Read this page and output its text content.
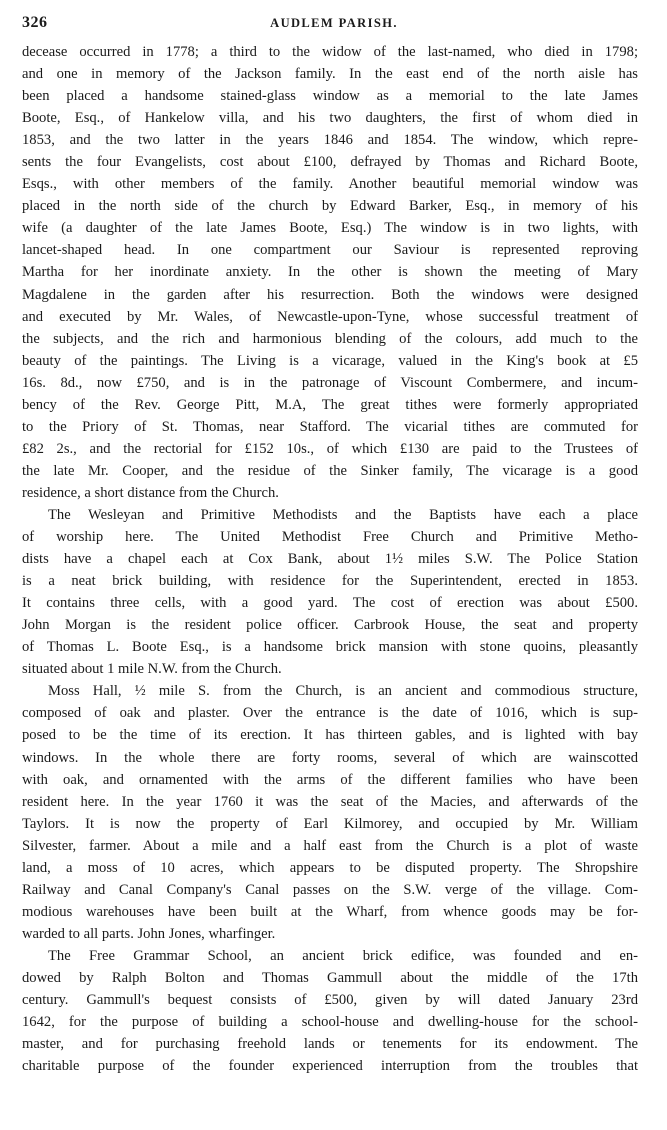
326	AUDLEM PARISH.
decease occurred in 1778; a third to the widow of the last-named, who died in 1798;
and one in memory of the Jackson family. In the east end of the north aisle has
been placed a handsome stained-glass window as a memorial to the late James
Boote, Esq., of Hankelow villa, and his two daughters, the first of whom died in
1853, and the two latter in the years 1846 and 1854. The window, which repre-
sents the four Evangelists, cost about £100, defrayed by Thomas and Richard Boote,
Esqs., with other members of the family. Another beautiful memorial window was
placed in the north side of the church by Edward Barker, Esq., in memory of his
wife (a daughter of the late James Boote, Esq.) The window is in two lights, with
lancet-shaped head. In one compartment our Saviour is represented reproving
Martha for her inordinate anxiety. In the other is shown the meeting of Mary
Magdalene in the garden after his resurrection. Both the windows were designed
and executed by Mr. Wales, of Newcastle-upon-Tyne, whose successful treatment of
the subjects, and the rich and harmonious blending of the colours, add much to the
beauty of the paintings. The Living is a vicarage, valued in the King's book at £5
16s. 8d., now £750, and is in the patronage of Viscount Combermere, and incum-
bency of the Rev. George Pitt, M.A, The great tithes were formerly appropriated
to the Priory of St. Thomas, near Stafford. The vicarial tithes are commuted for
£82 2s., and the rectorial for £152 10s., of which £130 are paid to the Trustees of
the late Mr. Cooper, and the residue of the Sinker family, The vicarage is a good
residence, a short distance from the Church.
The Wesleyan and Primitive Methodists and the Baptists have each a place
of worship here. The United Methodist Free Church and Primitive Metho-
dists have a chapel each at Cox Bank, about 1½ miles S.W. The Police Station
is a neat brick building, with residence for the Superintendent, erected in 1853.
It contains three cells, with a good yard. The cost of erection was about £500.
John Morgan is the resident police officer. Carbrook House, the seat and property
of Thomas L. Boote Esq., is a handsome brick mansion with stone quoins, pleasantly
situated about 1 mile N.W. from the Church.
Moss Hall, ½ mile S. from the Church, is an ancient and commodious structure,
composed of oak and plaster. Over the entrance is the date of 1016, which is sup-
posed to be the time of its erection. It has thirteen gables, and is lighted with bay
windows. In the whole there are forty rooms, several of which are wainscotted
with oak, and ornamented with the arms of the different families who have been
resident here. In the year 1760 it was the seat of the Macies, and afterwards of the
Taylors. It is now the property of Earl Kilmorey, and occupied by Mr. William
Silvester, farmer. About a mile and a half east from the Church is a plot of waste
land, a moss of 10 acres, which appears to be disputed property. The Shropshire
Railway and Canal Company's Canal passes on the S.W. verge of the village. Com-
modious warehouses have been built at the Wharf, from whence goods may be for-
warded to all parts. John Jones, wharfinger.
The Free Grammar School, an ancient brick edifice, was founded and en-
dowed by Ralph Bolton and Thomas Gammull about the middle of the 17th
century. Gammull's bequest consists of £500, given by will dated January 23rd
1642, for the purpose of building a school-house and dwelling-house for the school-
master, and for purchasing freehold lands or tenements for its endowment. The
charitable purpose of the founder experienced interruption from the troubles that
